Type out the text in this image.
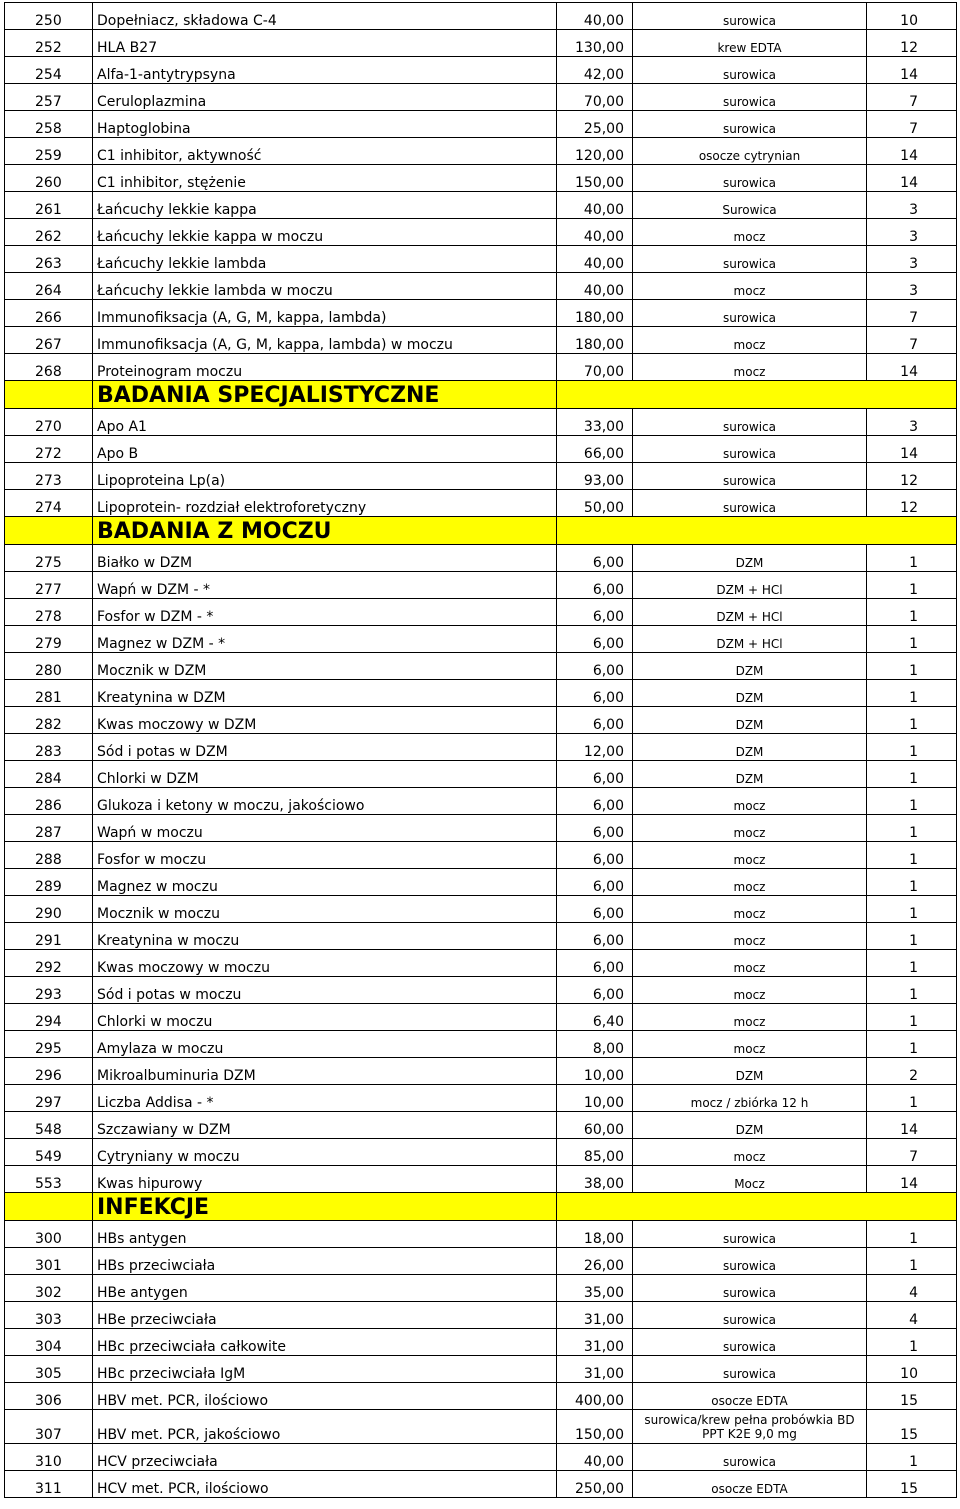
250	Dopełniacz, składowa C-4	40,00	surowica	10
252	HLA B27	130,00	krew EDTA	12
254	Alfa-1-antytrypsyna	42,00	surowica	14
257	Ceruloplazmina	70,00	surowica	7
258	Haptoglobina	25,00	surowica	7
259	C1 inhibitor, aktywność	120,00	osocze cytrynian	14
260	C1 inhibitor, stężenie	150,00	surowica	14
261	Łańcuchy lekkie kappa	40,00	Surowica	3
262	Łańcuchy lekkie kappa w moczu	40,00	mocz	3
263	Łańcuchy lekkie lambda	40,00	surowica	3
264	Łańcuchy lekkie lambda w moczu	40,00	mocz	3
266	Immunofiksacja (A, G, M, kappa, lambda)	180,00	surowica	7
267	Immunofiksacja (A, G, M, kappa, lambda) w moczu	180,00	mocz	7
268	Proteinogram moczu	70,00	mocz	14
	BADANIA SPECJALISTYCZNE			
270	Apo A1	33,00	surowica	3
272	Apo B	66,00	surowica	14
273	Lipoproteina Lp(a)	93,00	surowica	12
274	Lipoprotein- rozdział elektroforetyczny	50,00	surowica	12
	BADANIA Z MOCZU			
275	Białko w DZM	6,00	DZM	1
277	Wapń w DZM - *	6,00	DZM + HCl	1
278	Fosfor w DZM - *	6,00	DZM + HCl	1
279	Magnez w DZM - *	6,00	DZM + HCl	1
280	Mocznik w DZM	6,00	DZM	1
281	Kreatynina w DZM	6,00	DZM	1
282	Kwas moczowy w DZM	6,00	DZM	1
283	Sód i potas w DZM	12,00	DZM	1
284	Chlorki w DZM	6,00	DZM	1
286	Glukoza i ketony w moczu, jakościowo	6,00	mocz	1
287	Wapń w moczu	6,00	mocz	1
288	Fosfor w moczu	6,00	mocz	1
289	Magnez w moczu	6,00	mocz	1
290	Mocznik w moczu	6,00	mocz	1
291	Kreatynina w moczu	6,00	mocz	1
292	Kwas moczowy w moczu	6,00	mocz	1
293	Sód i potas w moczu	6,00	mocz	1
294	Chlorki w moczu	6,40	mocz	1
295	Amylaza w moczu	8,00	mocz	1
296	Mikroalbuminuria DZM	10,00	DZM	2
297	Liczba Addisa - *	10,00	mocz / zbiórka 12 h	1
548	Szczawiany w DZM	60,00	DZM	14
549	Cytryniany w moczu	85,00	mocz	7
553	Kwas hipurowy	38,00	Mocz	14
	INFEKCJE			
300	HBs antygen	18,00	surowica	1
301	HBs przeciwciała	26,00	surowica	1
302	HBe antygen	35,00	surowica	4
303	HBe przeciwciała	31,00	surowica	4
304	HBc przeciwciała całkowite	31,00	surowica	1
305	HBc przeciwciała IgM	31,00	surowica	10
306	HBV met. PCR, ilościowo	400,00	osocze EDTA	15
307	HBV met. PCR, jakościowo	150,00	surowica/krew pełna probówkia BD PPT K2E 9,0 mg	15
310	HCV przeciwciała	40,00	surowica	1
311	HCV met. PCR, ilościowo	250,00	osocze EDTA	15
